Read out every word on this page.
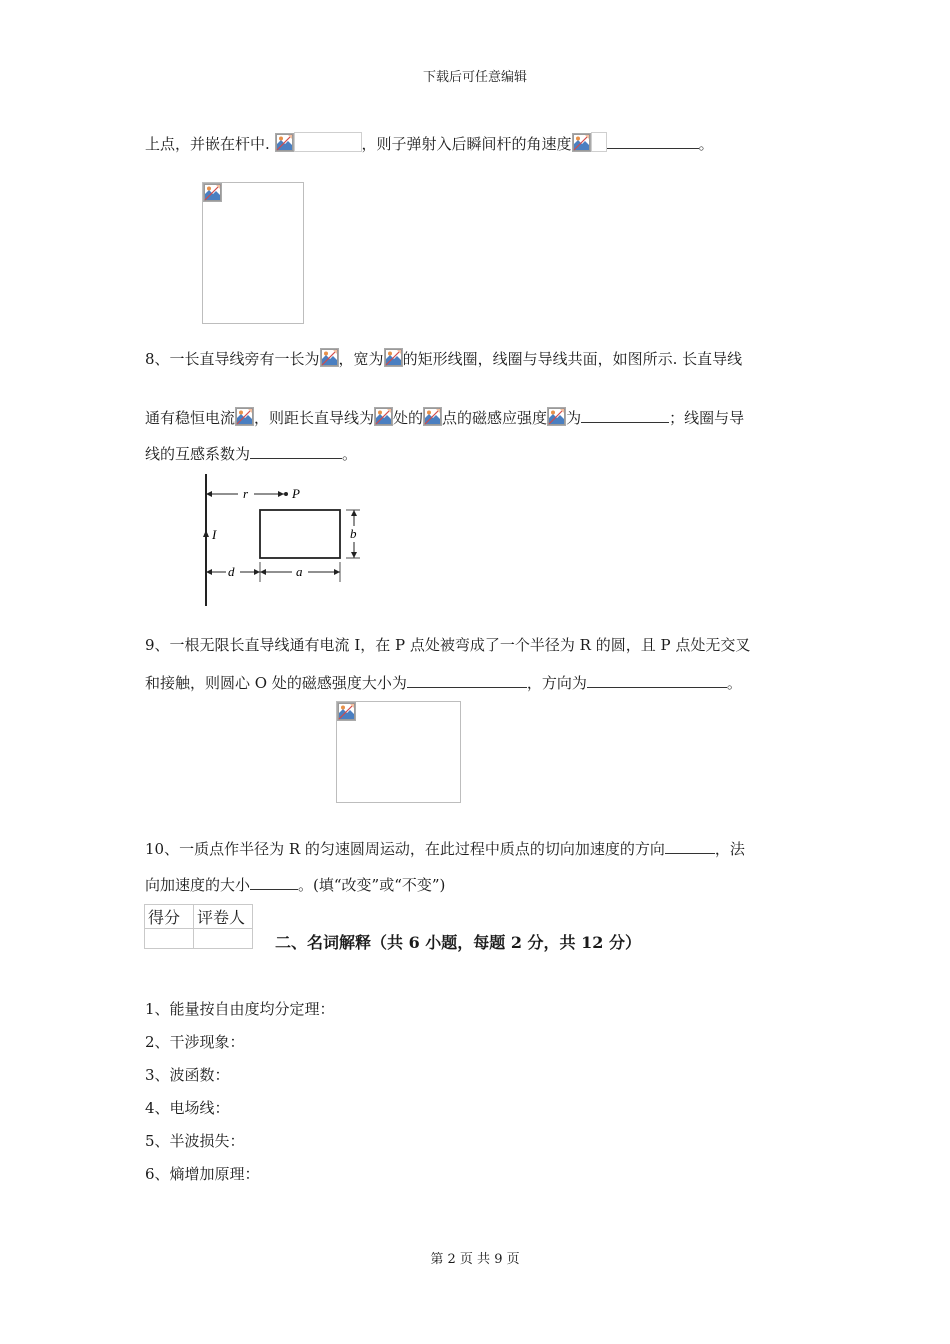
下载后可任意编辑
上点，并嵌在杆中.	，则子弹射入后瞬间杆的角速度	。
8、一长直导线旁有一长为 ，宽为 的矩形线圈，线圈与导线共面，如图所示. 长直导线
通有稳恒电流 ，则距长直导线为 处的 点的磁感应强度 为	；线圈与导
线的互感系数为	。
I
r	P
b
d	a
9、一根无限长直导线通有电流 I，在 P 点处被弯成了一个半径为 R 的圆，且 P 点处无交叉
和接触，则圆心 O 处的磁感强度大小为	，方向为	。
10、一质点作半径为 R 的匀速圆周运动，在此过程中质点的切向加速度的方向	，法
向加速度的大小	。(填“改变”或“不变”)
得分	评卷人

二、名词解释（共 6 小题，每题 2 分，共 12 分）
1、能量按自由度均分定理：
2、干涉现象：
3、波函数：
4、电场线：
5、半波损失：
6、熵增加原理：
第 2 页 共 9 页
